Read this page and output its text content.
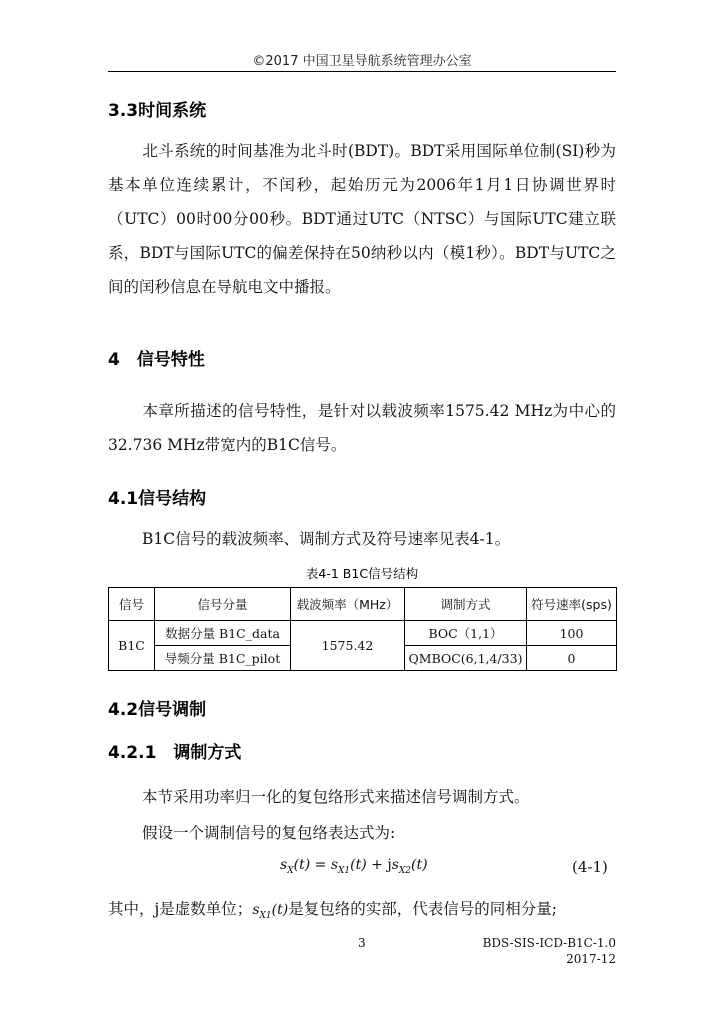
©2017 中国卫星导航系统管理办公室
3.3时间系统
北斗系统的时间基准为北斗时(BDT)。BDT采用国际单位制(SI)秒为基本单位连续累计，不闰秒，起始历元为2006年1月1日协调世界时（UTC）00时00分00秒。BDT通过UTC（NTSC）与国际UTC建立联系，BDT与国际UTC的偏差保持在50纳秒以内（模1秒）。BDT与UTC之间的闰秒信息在导航电文中播报。
4　信号特性
本章所描述的信号特性，是针对以载波频率1575.42 MHz为中心的32.736 MHz带宽内的B1C信号。
4.1信号结构
B1C信号的载波频率、调制方式及符号速率见表4-1。
表4-1 B1C信号结构
信号	信号分量	载波频率（MHz）	调制方式	符号速率(sps)
B1C	数据分量 B1C_data	1575.42	BOC（1,1）	100
	导频分量 B1C_pilot		QMBOC(6,1,4/33)	0
4.2信号调制
4.2.1　调制方式
本节采用功率归一化的复包络形式来描述信号调制方式。
假设一个调制信号的复包络表达式为:
$s_X(t) = s_{X1}(t) + js_{X2}(t)$	(4-1)
其中，j是虚数单位；$s_{X1}(t)$是复包络的实部，代表信号的同相分量;
3	BDS-SIS-ICD-B1C-1.0
2017-12
